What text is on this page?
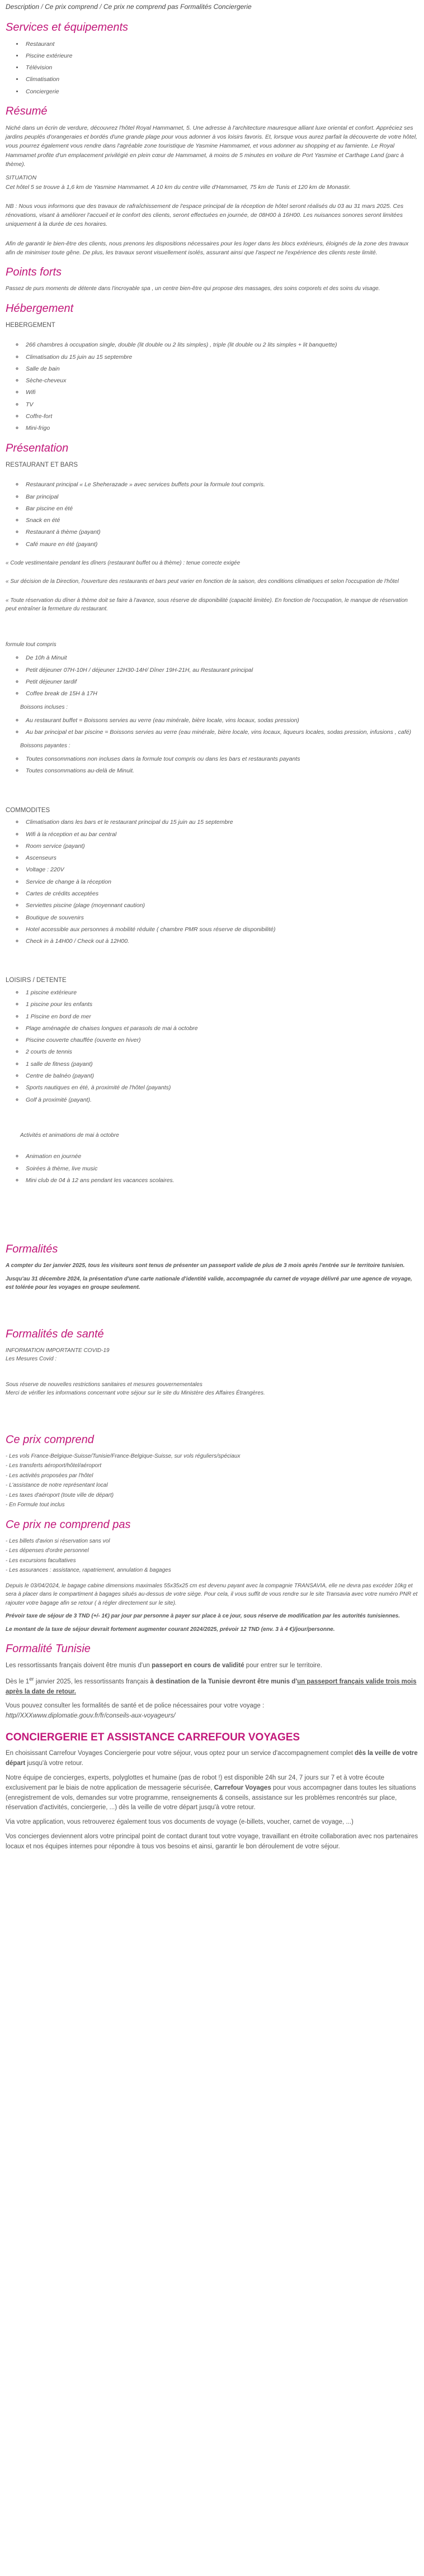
Description / Ce prix comprend / Ce prix ne comprend pas Formalités Conciergerie
Services et équipements
• Restaurant
• Piscine extérieure
• Télévision
• Climatisation
• Conciergerie
Résumé

Niché dans un écrin de verdure, découvrez l'hôtel Royal Hammamet, 5. Une adresse à l'architecture mauresque alliant luxe oriental et confort. Appréciez ses jardins peuplés d'orangeraies et bordés d'une grande plage pour vous adonner à vos loisirs favoris. Et, lorsque vous aurez parfait la découverte de votre hôtel, vous pourrez également vous rendre dans l'agréable zone touristique de Yasmine Hammamet, et vous adonner au shopping et au farniente. Le Royal Hammamet profite d'un emplacement privilégié en plein cœur de Hammamet, à moins de 5 minutes en voiture de Port Yasmine et Carthage Land (parc à thème).

SITUATION

Cet hôtel 5 se trouve à 1,6 km de Yasmine Hammamet. A 10 km du centre ville d'Hammamet, 75 km de Tunis et 120 km de Monastir.

NB : Nous vous informons que des travaux de rafraîchissement de l'espace principal de la réception de hôtel seront réalisés du 03 au 31 mars 2025. Ces rénovations, visant à améliorer l'accueil et le confort des clients, seront effectuées en journée, de 08H00 à 16H00. Les nuisances sonores seront limitées uniquement à la durée de ces horaires.

Afin de garantir le bien-être des clients, nous prenons les dispositions nécessaires pour les loger dans les blocs extérieurs, éloignés de la zone des travaux afin de minimiser toute gêne. De plus, les travaux seront visuellement isolés, assurant ainsi que l'aspect ne l'expérience des clients reste limité.

Points forts

Passez de purs moments de détente dans l'incroyable spa , un centre bien-être qui propose des massages, des soins corporels et des soins du visage.

Hébergement
HEBERGEMENT
◦ 266 chambres à occupation single, double (lit double ou 2 lits simples) , triple (lit double ou 2 lits simples + lit banquette)
◦ Climatisation du 15 juin au 15 septembre
◦ Salle de bain
◦ Sèche-cheveux
◦ Wifi
◦ TV
◦ Coffre-fort
◦ Mini-frigo
Présentation
RESTAURANT ET BARS
◦ Restaurant principal « Le Sheherazade » avec services buffets pour la formule tout compris.
◦ Bar principal
◦ Bar piscine en été
◦ Snack en été
◦ Restaurant à thème (payant)
◦ Café maure en été (payant)

« Code vestimentaire pendant les dîners (restaurant buffet ou à thème) : tenue correcte exigée

« Sur décision de la Direction, l'ouverture des restaurants et bars peut varier en fonction de la saison, des conditions climatiques et selon l'occupation de l'hôtel

« Toute réservation du dîner à thème doit se faire à l'avance, sous réserve de disponibilité (capacité limitée). En fonction de l'occupation, le manque de réservation peut entraîner la fermeture du restaurant.

formule tout compris

◦ De 10h à Minuit
◦ Petit déjeuner 07H-10H / déjeuner 12H30-14H/ Dîner 19H-21H, au Restaurant principal
◦ Petit déjeuner tardif
◦ Coffee break de 15H à 17H

Boissons incluses :

◦ Au restaurant buffet = Boissons servies au verre (eau minérale, bière locale, vins locaux, sodas pression)
◦ Au bar principal et bar piscine = Boissons servies au verre (eau minérale, bière locale, vins locaux, liqueurs locales, sodas pression, infusions , café)

Boissons payantes :

◦ Toutes consommations non incluses dans la formule tout compris ou dans les bars et restaurants payants
◦ Toutes consommations au-delà de Minuit.
COMMODITES
◦ Climatisation dans les bars et le restaurant principal du 15 juin au 15 septembre
◦ Wifi à la réception et au bar central
◦ Room service (payant)
◦ Ascenseurs
◦ Voltage : 220V
◦ Service de change à la réception
◦ Cartes de crédits acceptées
◦ Serviettes piscine (plage (moyennant caution)
◦ Boutique de souvenirs
◦ Hotel accessible aux personnes à mobilité réduite ( chambre PMR sous réserve de disponibilité)
◦ Check in à 14H00 / Check out à 12H00.
LOISIRS / DETENTE
◦ 1 piscine extérieure
◦ 1 piscine pour les enfants
◦ 1 Piscine en bord de mer
◦ Plage aménagée de chaises longues et parasols de mai à octobre
◦ Piscine couverte chauffée (ouverte en hiver)
◦ 2 courts de tennis
◦ 1 salle de fitness (payant)
◦ Centre de balnéo (payant)
◦ Sports nautiques en été, à proximité de l'hôtel (payants)
◦ Golf à proximité (payant).

Activités et animations de mai à octobre

◦ Animation en journée
◦ Soirées à thème, live music
◦ Mini club de 04 à 12 ans pendant les vacances scolaires.
Formalités

A compter du 1er janvier 2025, tous les visiteurs sont tenus de présenter un passeport valide de plus de 3 mois après l'entrée sur le territoire tunisien.

Jusqu'au 31 décembre 2024, la présentation d'une carte nationale d'identité valide, accompagnée du carnet de voyage délivré par une agence de voyage, est tolérée pour les voyages en groupe seulement.

Formalités de santé

INFORMATION IMPORTANTE COVID-19

Les Mesures Covid :

Sous réserve de nouvelles restrictions sanitaires et mesures gouvernementales

Merci de vérifier les informations concernant votre séjour sur le site du Ministère des Affaires Étrangères.

Ce prix comprend

- Les vols France-Belgique-Suisse/Tunisie/France-Belgique-Suisse, sur vols réguliers/spéciaux

- Les transferts aéroport/hôtel/aéroport

- Les activités proposées par l'hôtel

- L'assistance de notre représentant local

- Les taxes d'aéroport (toute ville de départ)

- En Formule tout inclus

Ce prix ne comprend pas

- Les billets d'avion si réservation sans vol

- Les dépenses d'ordre personnel

- Les excursions facultatives

- Les assurances : assistance, rapatriement, annulation & bagages

Depuis le 03/04/2024, le bagage cabine dimensions maximales 55x35x25 cm est devenu payant avec la compagnie TRANSAVIA, elle ne devra pas excéder 10kg et sera à placer dans le compartiment à bagages situés au-dessus de votre siège. Pour cela, il vous suffit de vous rendre sur le site Transavia avec votre numéro PNR et rajouter votre bagage afin se retour ( à régler directement sur le site).

Prévoir taxe de séjour de 3 TND (+/- 1€) par jour par personne à payer sur place à ce jour, sous réserve de modification par les autorités tunisiennes.

Le montant de la taxe de séjour devrait fortement augmenter courant 2024/2025, prévoir 12 TND (env. 3 à 4 €)/jour/personne.

Formalité Tunisie

Les ressortissants français doivent être munis d'un passeport en cours de validité pour entrer sur le territoire.

Dès le 1er janvier 2025, les ressortissants français à destination de la Tunisie devront être munis d'un passeport français valide trois mois après la date de retour.

Vous pouvez consulter les formalités de santé et de police nécessaires pour votre voyage :

http//XXXwww.diplomatie.gouv.fr/fr/conseils-aux-voyageurs/

CONCIERGERIE ET ASSISTANCE CARREFOUR VOYAGES

En choisissant Carrefour Voyages Conciergerie pour votre séjour, vous optez pour un service d'accompagnement complet dès la veille de votre départ jusqu'à votre retour.

Notre équipe de concierges, experts, polyglottes et humaine (pas de robot !) est disponible 24h sur 24, 7 jours sur 7 et à votre écoute exclusivement par le biais de notre application de messagerie sécurisée, Carrefour Voyages pour vous accompagner dans toutes les situations (enregistrement de vols, demandes sur votre programme, renseignements & conseils, assistance sur les problèmes rencontrés sur place, réservation d'activités, conciergerie, ...) dès la veille de votre départ jusqu'à votre retour.

Via votre application, vous retrouverez également tous vos documents de voyage (e-billets, voucher, carnet de voyage, ...)

Vos concierges deviennent alors votre principal point de contact durant tout votre voyage, travaillant en étroite collaboration avec nos partenaires locaux et nos équipes internes pour répondre à tous vos besoins et ainsi, garantir le bon déroulement de votre séjour.
